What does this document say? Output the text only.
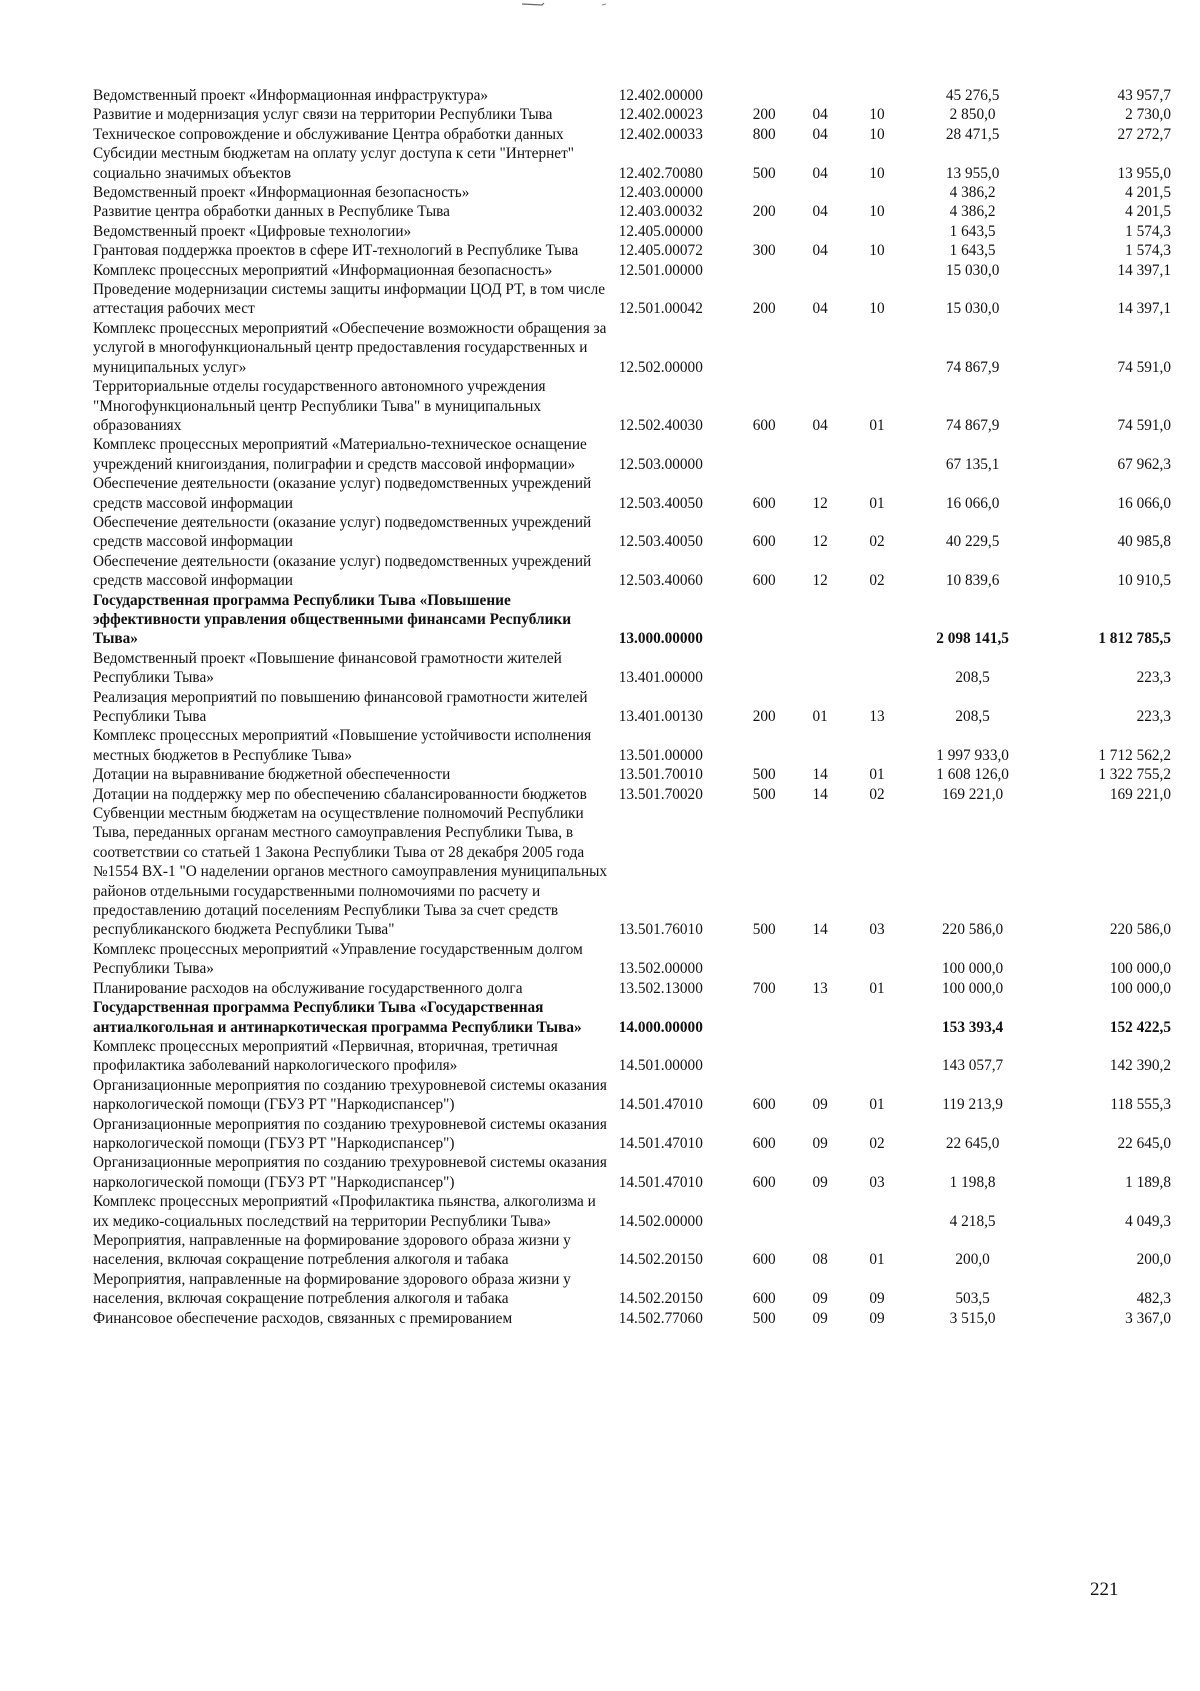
Ведомственный проект «Информационная инфраструктура»	12.402.00000				45 276,5	43 957,7
Развитие и модернизация услуг связи на территории Республики Тыва	12.402.00023	200	04	10	2 850,0	2 730,0
Техническое сопровождение и обслуживание Центра обработки данных	12.402.00033	800	04	10	28 471,5	27 272,7
Субсидии местным бюджетам на оплату услуг доступа к сети "Интернет" социально значимых объектов	12.402.70080	500	04	10	13 955,0	13 955,0
Ведомственный проект «Информационная безопасность»	12.403.00000				4 386,2	4 201,5
Развитие центра обработки данных в Республике Тыва	12.403.00032	200	04	10	4 386,2	4 201,5
Ведомственный проект «Цифровые технологии»	12.405.00000				1 643,5	1 574,3
Грантовая поддержка проектов в сфере ИТ-технологий в Республике Тыва	12.405.00072	300	04	10	1 643,5	1 574,3
Комплекс процессных мероприятий «Информационная безопасность»	12.501.00000				15 030,0	14 397,1
Проведение модернизации системы защиты информации ЦОД РТ, в том числе аттестация рабочих мест	12.501.00042	200	04	10	15 030,0	14 397,1
Комплекс процессных мероприятий «Обеспечение возможности обращения за услугой в многофункциональный центр предоставления государственных и муниципальных услуг»	12.502.00000				74 867,9	74 591,0
Территориальные отделы государственного автономного учреждения "Многофункциональный центр Республики Тыва" в муниципальных образованиях	12.502.40030	600	04	01	74 867,9	74 591,0
Комплекс процессных мероприятий «Материально-техническое оснащение учреждений книгоиздания, полиграфии и средств массовой информации»	12.503.00000				67 135,1	67 962,3
Обеспечение деятельности (оказание услуг) подведомственных учреждений средств массовой информации	12.503.40050	600	12	01	16 066,0	16 066,0
Обеспечение деятельности (оказание услуг) подведомственных учреждений средств массовой информации	12.503.40050	600	12	02	40 229,5	40 985,8
Обеспечение деятельности (оказание услуг) подведомственных учреждений средств массовой информации	12.503.40060	600	12	02	10 839,6	10 910,5
Государственная программа Республики Тыва «Повышение эффективности управления общественными финансами Республики Тыва»	13.000.00000				2 098 141,5	1 812 785,5
Ведомственный проект «Повышение финансовой грамотности жителей Республики Тыва»	13.401.00000				208,5	223,3
Реализация мероприятий по повышению финансовой грамотности жителей Республики Тыва	13.401.00130	200	01	13	208,5	223,3
Комплекс процессных мероприятий «Повышение устойчивости исполнения местных бюджетов в Республике Тыва»	13.501.00000				1 997 933,0	1 712 562,2
Дотации на выравнивание бюджетной обеспеченности	13.501.70010	500	14	01	1 608 126,0	1 322 755,2
Дотации на поддержку мер по обеспечению сбалансированности бюджетов	13.501.70020	500	14	02	169 221,0	169 221,0
Субвенции местным бюджетам на осуществление полномочий Республики Тыва, переданных органам местного самоуправления Республики Тыва, в соответствии со статьей 1 Закона Республики Тыва от 28 декабря 2005 года №1554 ВХ-1 "О наделении органов местного самоуправления муниципальных районов отдельными государственными полномочиями по расчету и предоставлению дотаций поселениям Республики Тыва за счет средств республиканского бюджета Республики Тыва"	13.501.76010	500	14	03	220 586,0	220 586,0
Комплекс процессных мероприятий «Управление государственным долгом Республики Тыва»	13.502.00000				100 000,0	100 000,0
Планирование расходов на обслуживание государственного долга	13.502.13000	700	13	01	100 000,0	100 000,0
Государственная программа Республики Тыва «Государственная антиалкогольная и антинаркотическая программа Республики Тыва»	14.000.00000				153 393,4	152 422,5
Комплекс процессных мероприятий «Первичная, вторичная, третичная профилактика заболеваний наркологического профиля»	14.501.00000				143 057,7	142 390,2
Организационные мероприятия по созданию трехуровневой системы оказания наркологической помощи (ГБУЗ РТ "Наркодиспансер")	14.501.47010	600	09	01	119 213,9	118 555,3
Организационные мероприятия по созданию трехуровневой системы оказания наркологической помощи (ГБУЗ РТ "Наркодиспансер")	14.501.47010	600	09	02	22 645,0	22 645,0
Организационные мероприятия по созданию трехуровневой системы оказания наркологической помощи (ГБУЗ РТ "Наркодиспансер")	14.501.47010	600	09	03	1 198,8	1 189,8
Комплекс процессных мероприятий «Профилактика пьянства, алкоголизма и их медико-социальных последствий на территории Республики Тыва»	14.502.00000				4 218,5	4 049,3
Мероприятия, направленные на формирование здорового образа жизни у населения, включая сокращение потребления алкоголя и табака	14.502.20150	600	08	01	200,0	200,0
Мероприятия, направленные на формирование здорового образа жизни у населения, включая сокращение потребления алкоголя и табака	14.502.20150	600	09	09	503,5	482,3
Финансовое обеспечение расходов, связанных с премированием	14.502.77060	500	09	09	3 515,0	3 367,0
221
